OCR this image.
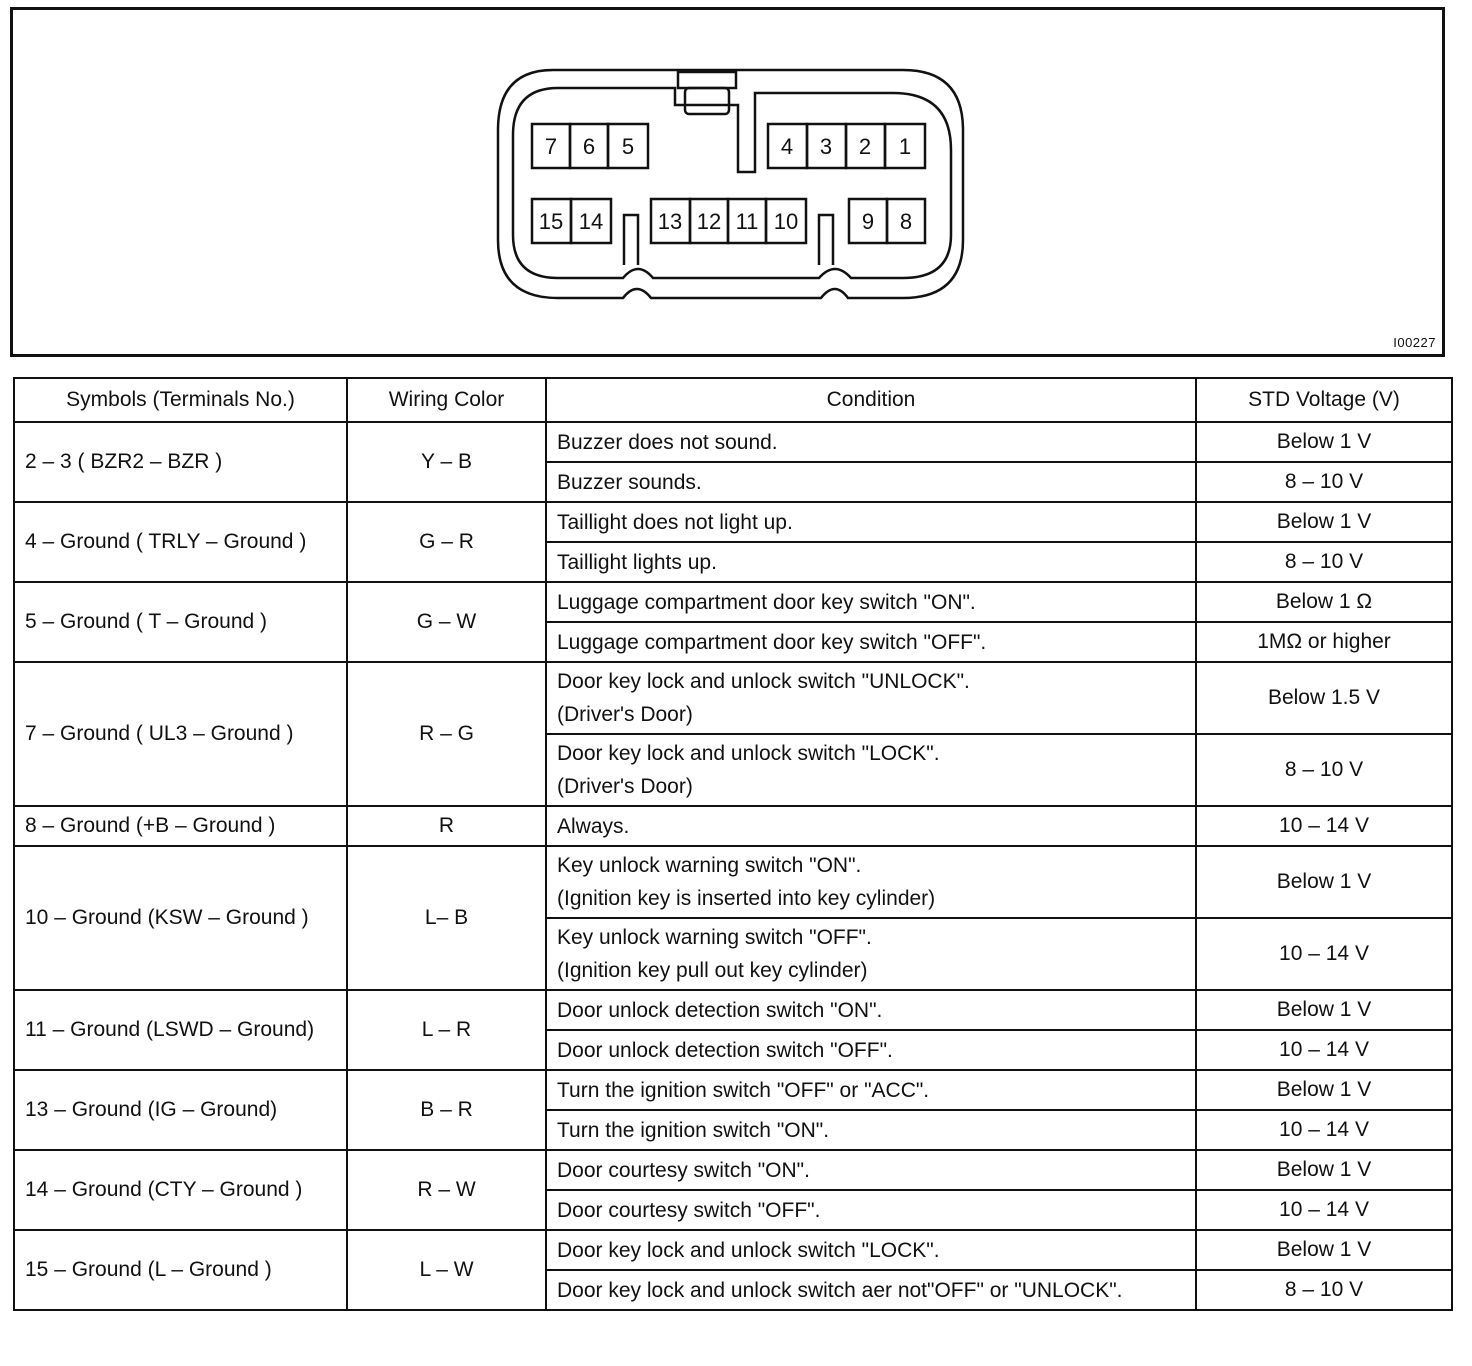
7 6 5	4 3 2 1
15 14 13 12 11 10	9 8
I00227
Symbols (Terminals No.)	Wiring Color	Condition	STD Voltage (V)
2 – 3 ( BZR2 – BZR )	Y – B	Buzzer does not sound.	Below 1 V

		Buzzer sounds.	8 – 10 V
4 – Ground ( TRLY – Ground )	G – R	Taillight does not light up.	Below 1 V

		Taillight lights up.	8 – 10 V
5 – Ground ( T – Ground )	G – W	Luggage compartment door key switch "ON".	Below 1 Ω

		Luggage compartment door key switch "OFF".	1MΩ or higher
7 – Ground ( UL3 – Ground )	R – G	Door key lock and unlock switch "UNLOCK".
(Driver's Door)	Below 1.5 V

		Door key lock and unlock switch "LOCK".
(Driver's Door)	8 – 10 V
8 – Ground (+B – Ground )	R	Always.	10 – 14 V
10 – Ground (KSW – Ground )	L– B	Key unlock warning switch "ON".
(Ignition key is inserted into key cylinder)	Below 1 V

		Key unlock warning switch "OFF".
(Ignition key pull out key cylinder)	10 – 14 V
11 – Ground (LSWD – Ground)	L – R	Door unlock detection switch "ON".	Below 1 V

		Door unlock detection switch "OFF".	10 – 14 V
13 – Ground (IG – Ground)	B – R	Turn the ignition switch "OFF" or "ACC".	Below 1 V

		Turn the ignition switch "ON".	10 – 14 V
14 – Ground (CTY – Ground )	R – W	Door courtesy switch "ON".	Below 1 V

		Door courtesy switch "OFF".	10 – 14 V
15 – Ground (L – Ground )	L – W	Door key lock and unlock switch "LOCK".	Below 1 V

		Door key lock and unlock switch aer not"OFF" or "UNLOCK".	8 – 10 V
